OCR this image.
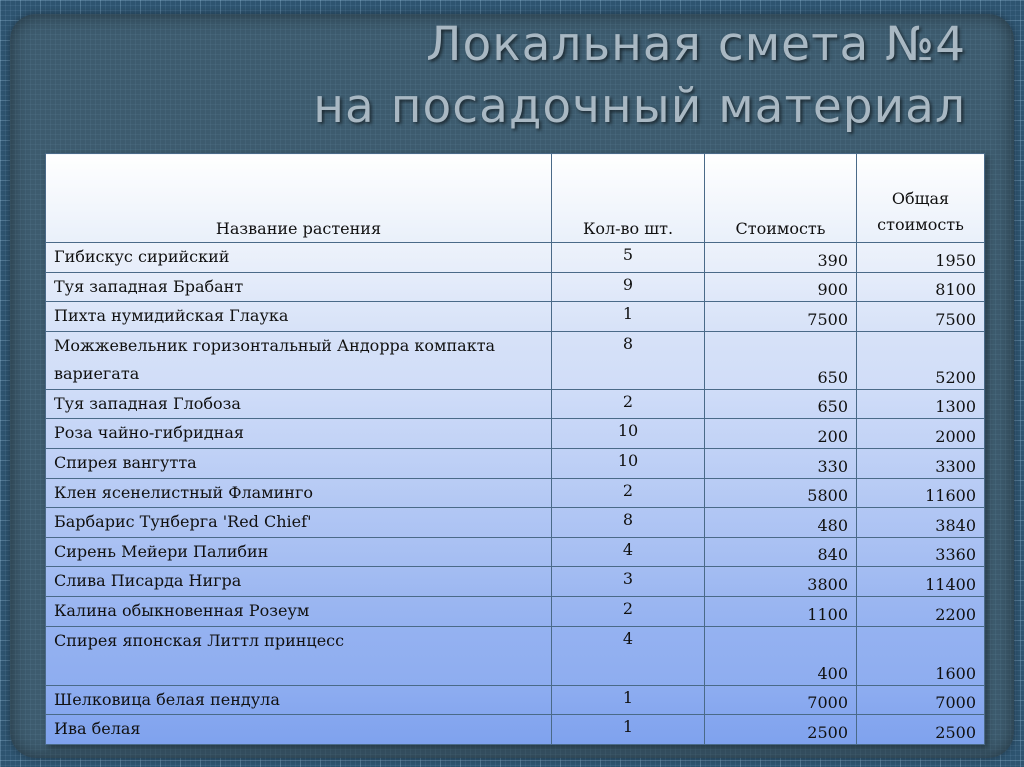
Локальная смета №4
на посадочный материал
Название растения	Кол-во шт.	Стоимость	Общая стоимость
Гибискус сирийский	5	390	1950
Туя западная Брабант	9	900	8100
Пихта нумидийская Глаука	1	7500	7500
Можжевельник горизонтальный Андорра компакта вариегата	8	650	5200
Туя западная Глобоза	2	650	1300
Роза чайно-гибридная	10	200	2000
Спирея вангутта	10	330	3300
Клен ясенелистный Фламинго	2	5800	11600
Барбарис Тунберга 'Red Chief'	8	480	3840
Сирень Мейери Палибин	4	840	3360
Слива Писарда Нигра	3	3800	11400
Калина обыкновенная Розеум	2	1100	2200
Спирея японская Литтл принцесс	4	400	1600
Шелковица белая пендула	1	7000	7000
Ива белая	1	2500	2500
